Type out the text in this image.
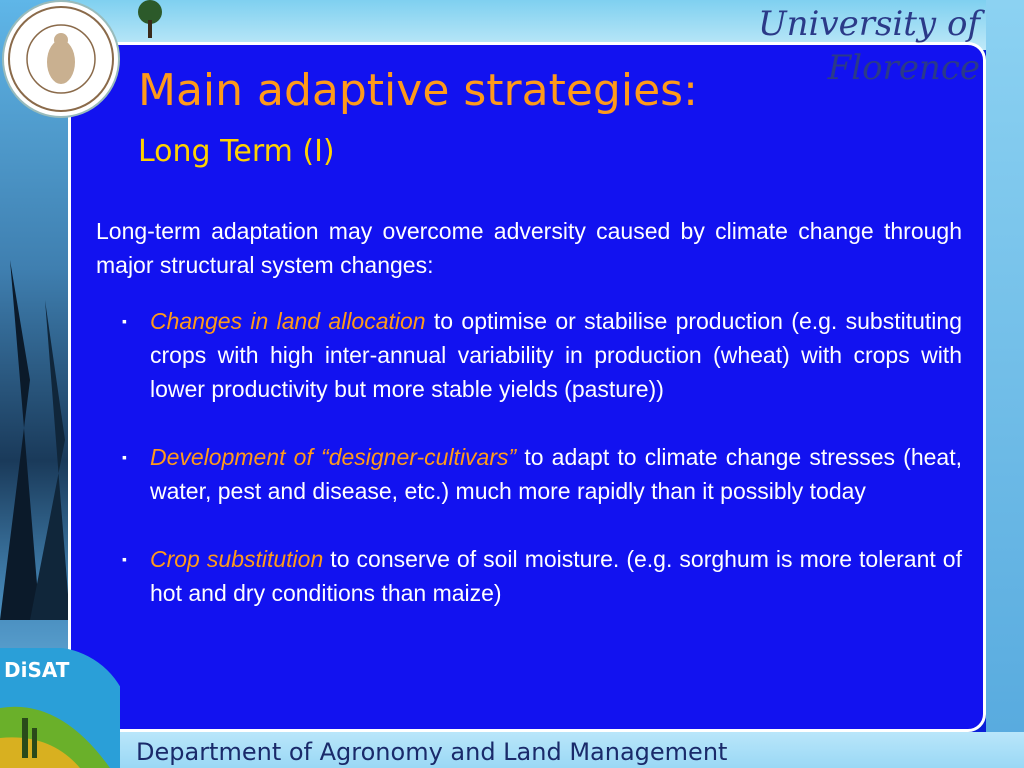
University of Florence
Main adaptive strategies:
Long Term (I)

Long-term adaptation may overcome adversity caused by climate change through major structural system changes:

▪ Changes in land allocation to optimise or stabilise production (e.g. substituting crops with high inter-annual variability in production (wheat) with crops with lower productivity but more stable yields (pasture))
▪ Development of “designer-cultivars” to adapt to climate change stresses (heat, water, pest and disease, etc.) much more rapidly than it possibly today
▪ Crop substitution to conserve of soil moisture. (e.g. sorghum is more tolerant of hot and dry conditions than maize)
DiSAT
Department of Agronomy and Land Management
